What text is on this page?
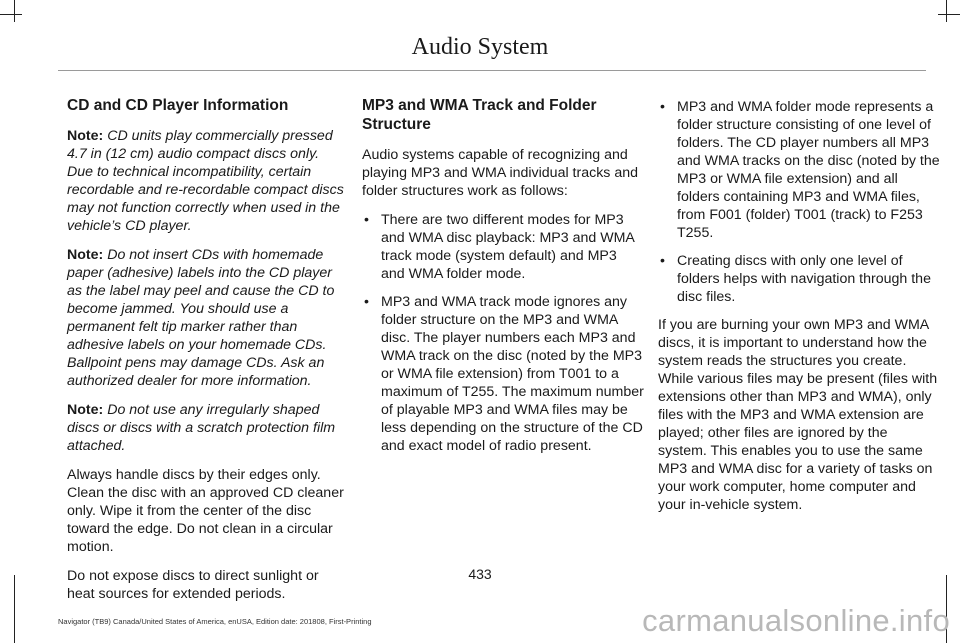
Audio System
CD and CD Player Information

Note: CD units play commercially pressed 4.7 in (12 cm) audio compact discs only. Due to technical incompatibility, certain recordable and re-recordable compact discs may not function correctly when used in the vehicle’s CD player.

Note: Do not insert CDs with homemade paper (adhesive) labels into the CD player as the label may peel and cause the CD to become jammed. You should use a permanent felt tip marker rather than adhesive labels on your homemade CDs. Ballpoint pens may damage CDs. Ask an authorized dealer for more information.

Note: Do not use any irregularly shaped discs or discs with a scratch protection film attached.

Always handle discs by their edges only. Clean the disc with an approved CD cleaner only. Wipe it from the center of the disc toward the edge. Do not clean in a circular motion.

Do not expose discs to direct sunlight or heat sources for extended periods.

MP3 and WMA Track and Folder Structure

Audio systems capable of recognizing and playing MP3 and WMA individual tracks and folder structures work as follows:

• There are two different modes for MP3 and WMA disc playback: MP3 and WMA track mode (system default) and MP3 and WMA folder mode.
• MP3 and WMA track mode ignores any folder structure on the MP3 and WMA disc. The player numbers each MP3 and WMA track on the disc (noted by the MP3 or WMA file extension) from T001 to a maximum of T255. The maximum number of playable MP3 and WMA files may be less depending on the structure of the CD and exact model of radio present.
• MP3 and WMA folder mode represents a folder structure consisting of one level of folders. The CD player numbers all MP3 and WMA tracks on the disc (noted by the MP3 or WMA file extension) and all folders containing MP3 and WMA files, from F001 (folder) T001 (track) to F253 T255.
• Creating discs with only one level of folders helps with navigation through the disc files.

If you are burning your own MP3 and WMA discs, it is important to understand how the system reads the structures you create. While various files may be present (files with extensions other than MP3 and WMA), only files with the MP3 and WMA extension are played; other files are ignored by the system. This enables you to use the same MP3 and WMA disc for a variety of tasks on your work computer, home computer and your in-vehicle system.

433
Navigator (TB9) Canada/United States of America, enUSA, Edition date: 201808, First-Printing	carmanualsonline.info
